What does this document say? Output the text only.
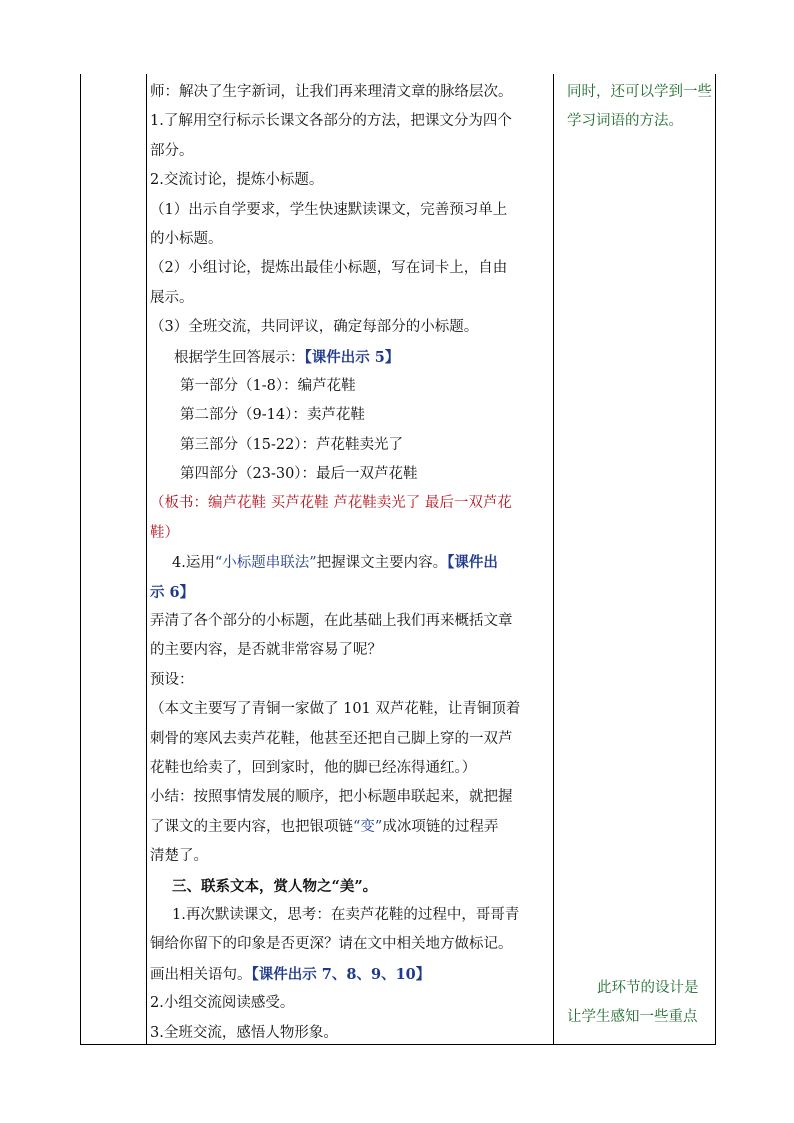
师：解决了生字新词，让我们再来理清文章的脉络层次。
1.了解用空行标示长课文各部分的方法，把课文分为四个
部分。
2.交流讨论，提炼小标题。
（1）出示自学要求，学生快速默读课文，完善预习单上
的小标题。
（2）小组讨论，提炼出最佳小标题，写在词卡上，自由
展示。
（3）全班交流，共同评议，确定每部分的小标题。
根据学生回答展示：【课件出示 5】
第一部分（1-8）：编芦花鞋
第二部分（9-14）：卖芦花鞋
第三部分（15-22）：芦花鞋卖光了
第四部分（23-30）：最后一双芦花鞋
（板书：编芦花鞋 买芦花鞋 芦花鞋卖光了 最后一双芦花
鞋）
4.运用“小标题串联法”把握课文主要内容。【课件出
示 6】
弄清了各个部分的小标题，在此基础上我们再来概括文章
的主要内容，是否就非常容易了呢？
预设：
（本文主要写了青铜一家做了 101 双芦花鞋，让青铜顶着
刺骨的寒风去卖芦花鞋，他甚至还把自己脚上穿的一双芦
花鞋也给卖了，回到家时，他的脚已经冻得通红。）
小结：按照事情发展的顺序，把小标题串联起来，就把握
了课文的主要内容，也把银项链“变”成冰项链的过程弄
清楚了。
三、联系文本，赏人物之“美”。
1.再次默读课文，思考：在卖芦花鞋的过程中，哥哥青
铜给你留下的印象是否更深？请在文中相关地方做标记。
画出相关语句。【课件出示 7、8、9、10】
2.小组交流阅读感受。
3.全班交流，感悟人物形象。
同时，还可以学到一些
学习词语的方法。
此环节的设计是
让学生感知一些重点
